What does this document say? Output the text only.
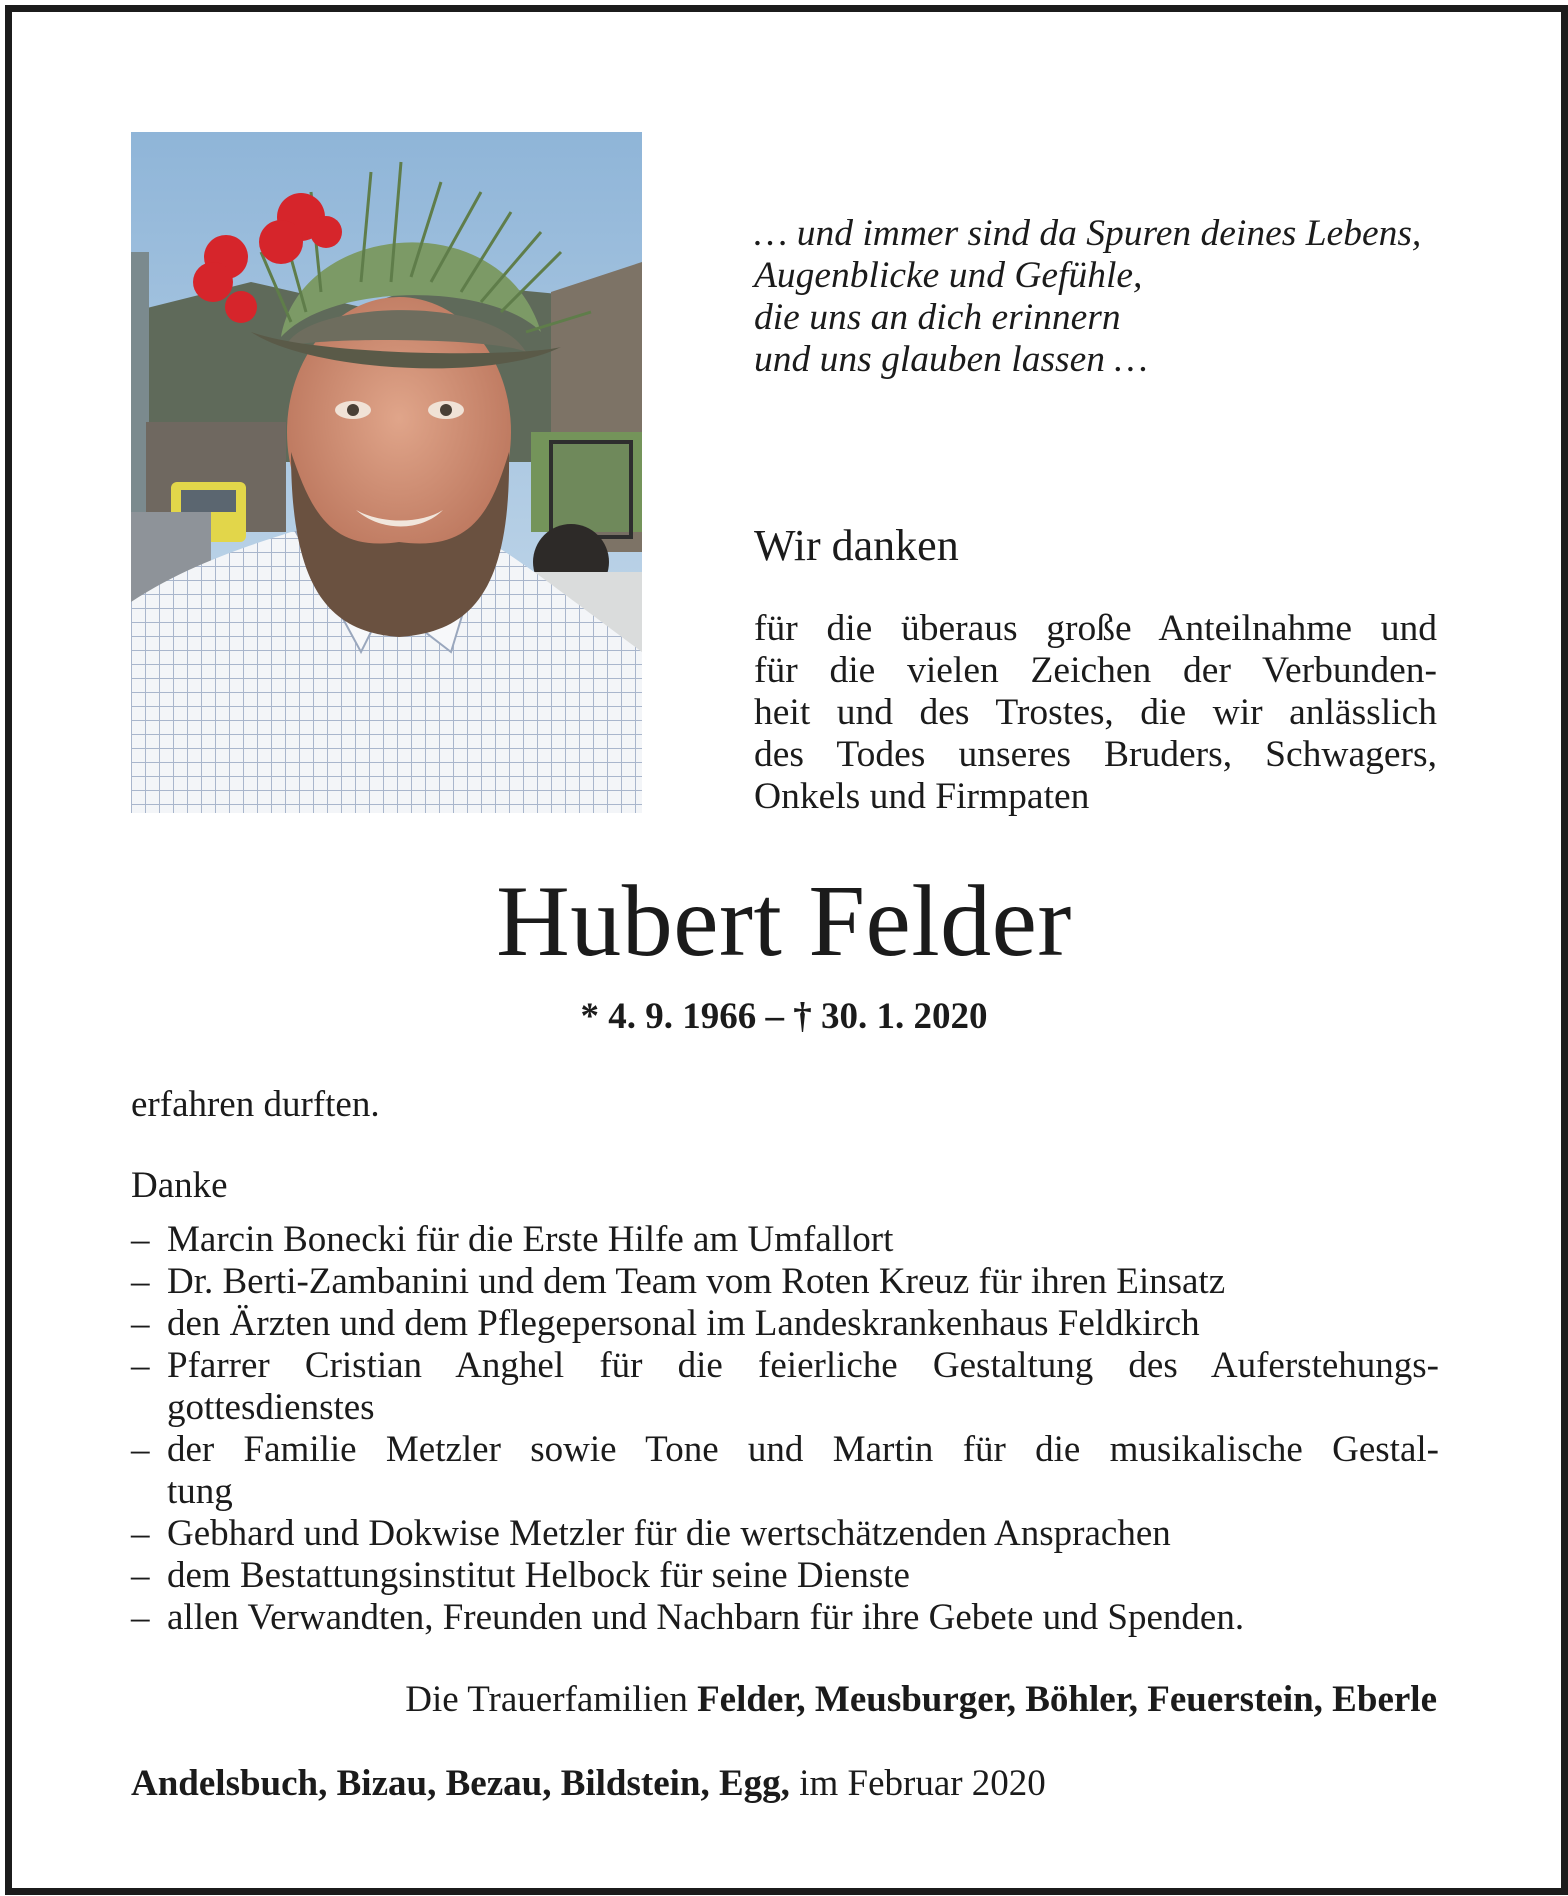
… und immer sind da Spuren deines Lebens,
Augenblicke und Gefühle,
die uns an dich erinnern
und uns glauben lassen …
Wir danken
für die überaus große Anteilnahme und
für die vielen Zeichen der Verbunden-
heit und des Trostes, die wir anlässlich
des Todes unseres Bruders, Schwagers,
Onkels und Firmpaten
Hubert Felder
* 4. 9. 1966 – † 30. 1. 2020
erfahren durften.
Danke
– Marcin Bonecki für die Erste Hilfe am Umfallort
– Dr. Berti-Zambanini und dem Team vom Roten Kreuz für ihren Einsatz
– den Ärzten und dem Pflegepersonal im Landeskrankenhaus Feldkirch
– Pfarrer Cristian Anghel für die feierliche Gestaltung des Auferstehungs-
gottesdienstes
– der Familie Metzler sowie Tone und Martin für die musikalische Gestal-
tung
– Gebhard und Dokwise Metzler für die wertschätzenden Ansprachen
– dem Bestattungsinstitut Helbock für seine Dienste
– allen Verwandten, Freunden und Nachbarn für ihre Gebete und Spenden.
Die Trauerfamilien Felder, Meusburger, Böhler, Feuerstein, Eberle
Andelsbuch, Bizau, Bezau, Bildstein, Egg, im Februar 2020
